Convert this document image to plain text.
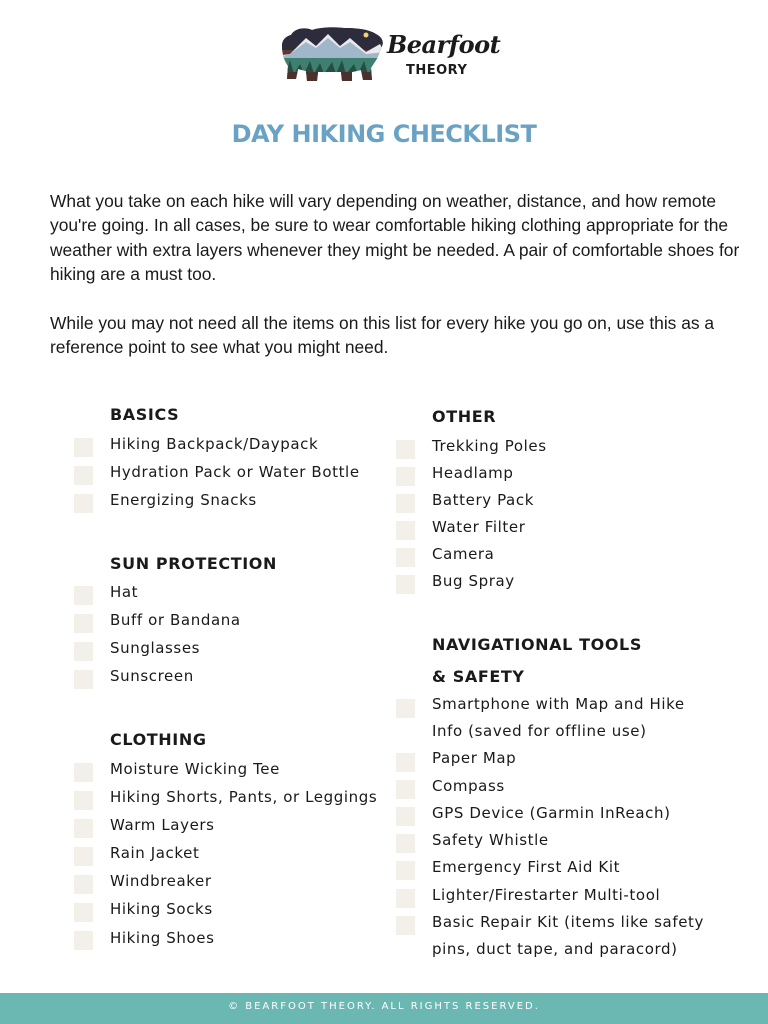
Bearfoot
THEORY
DAY HIKING CHECKLIST

What you take on each hike will vary depending on weather, distance, and how remote you're going. In all cases, be sure to wear comfortable hiking clothing appropriate for the weather with extra layers whenever they might be needed. A pair of comfortable shoes for hiking are a must too.

While you may not need all the items on this list for every hike you go on, use this as a reference point to see what you might need.

BASICS
Hiking Backpack/Daypack
Hydration Pack or Water Bottle
Energizing Snacks
SUN PROTECTION
Hat
Buff or Bandana
Sunglasses
Sunscreen
CLOTHING
Moisture Wicking Tee
Hiking Shorts, Pants, or Leggings
Warm Layers
Rain Jacket
Windbreaker
Hiking Socks
Hiking Shoes
OTHER
Trekking Poles
Headlamp
Battery Pack
Water Filter
Camera
Bug Spray
NAVIGATIONAL TOOLS
& SAFETY
Smartphone with Map and Hike
Info (saved for offline use)
Paper Map
Compass
GPS Device (Garmin InReach)
Safety Whistle
Emergency First Aid Kit
Lighter/Firestarter Multi-tool
Basic Repair Kit (items like safety
pins, duct tape, and paracord)
© BEARFOOT THEORY. ALL RIGHTS RESERVED.
